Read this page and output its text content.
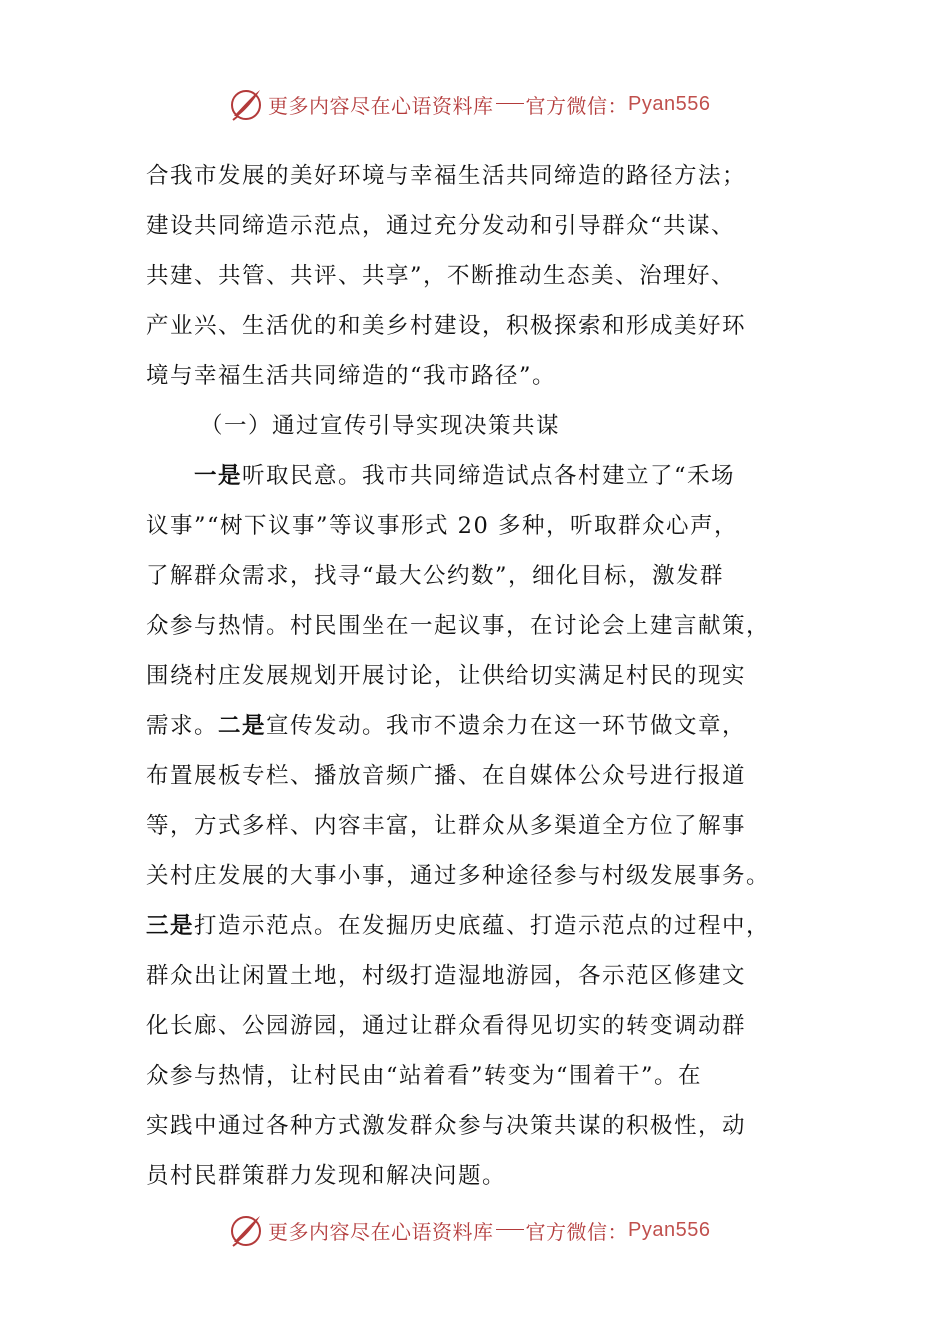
更多内容尽在心语资料库 官方微信： Pyan556
合我市发展的美好环境与幸福生活共同缔造的路径方法；
建设共同缔造示范点，通过充分发动和引导群众“共谋、
共建、共管、共评、共享”，不断推动生态美、治理好、
产业兴、生活优的和美乡村建设，积极探索和形成美好环
境与幸福生活共同缔造的“我市路径”。
（一）通过宣传引导实现决策共谋
一是听取民意。我市共同缔造试点各村建立了“禾场
议事”“树下议事”等议事形式 20 多种，听取群众心声，
了解群众需求，找寻“最大公约数”，细化目标，激发群
众参与热情。村民围坐在一起议事，在讨论会上建言献策，
围绕村庄发展规划开展讨论，让供给切实满足村民的现实
需求。二是宣传发动。我市不遗余力在这一环节做文章，
布置展板专栏、播放音频广播、在自媒体公众号进行报道
等，方式多样、内容丰富，让群众从多渠道全方位了解事
关村庄发展的大事小事，通过多种途径参与村级发展事务。
三是打造示范点。在发掘历史底蕴、打造示范点的过程中，
群众出让闲置土地，村级打造湿地游园，各示范区修建文
化长廊、公园游园，通过让群众看得见切实的转变调动群
众参与热情，让村民由“站着看”转变为“围着干”。在
实践中通过各种方式激发群众参与决策共谋的积极性，动
员村民群策群力发现和解决问题。
更多内容尽在心语资料库 官方微信： Pyan556
